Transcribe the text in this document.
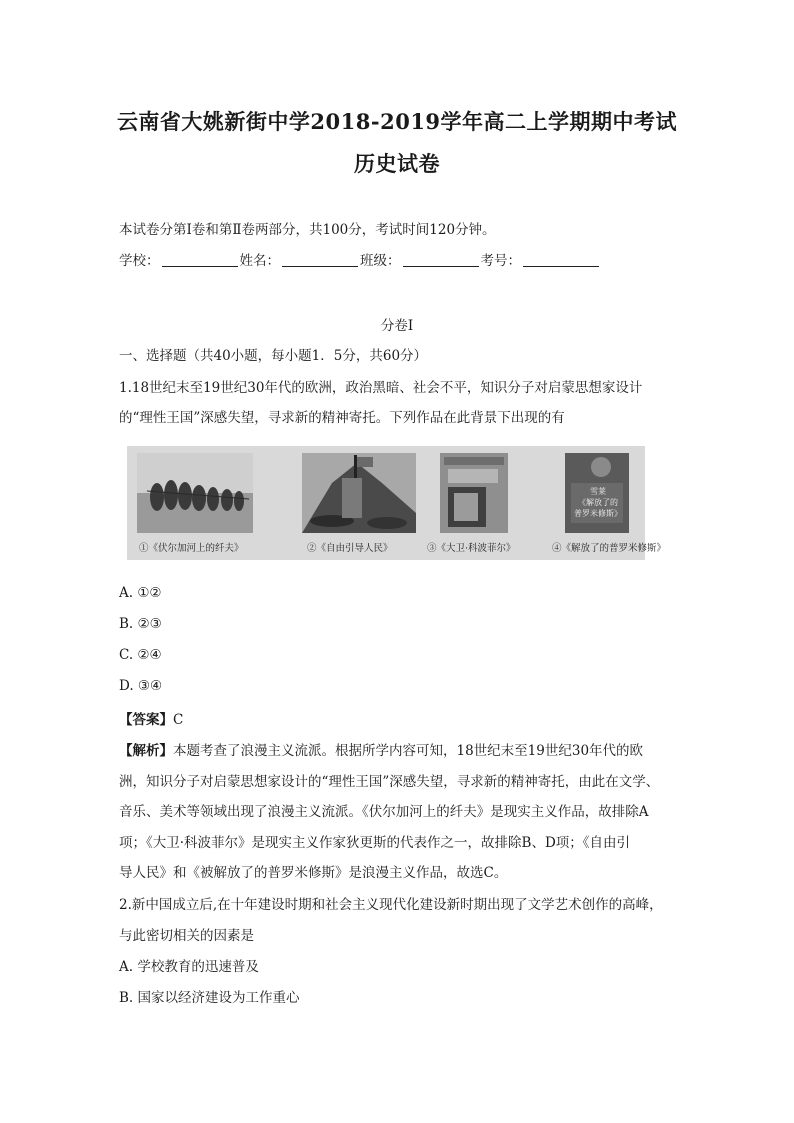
云南省大姚新街中学2018-2019学年高二上学期期中考试
历史试卷
本试卷分第Ⅰ卷和第Ⅱ卷两部分，共100分，考试时间120分钟。
学校：	姓名：	班级：	考号：
分卷I
一、选择题（共40小题，每小题1．5分，共60分）
1.18世纪末至19世纪30年代的欧洲，政治黑暗、社会不平，知识分子对启蒙思想家设计
的“理性王国”深感失望，寻求新的精神寄托。下列作品在此背景下出现的有
①《伏尔加河上的纤夫》	②《自由引导人民》	③《大卫·科波菲尔》
雪莱
《解放了的
普罗米修斯》
④《解放了的普罗米修斯》
A. ①②
B. ②③
C. ②④
D. ③④
【答案】C
【解析】本题考查了浪漫主义流派。根据所学内容可知，18世纪末至19世纪30年代的欧
洲，知识分子对启蒙思想家设计的“理性王国”深感失望，寻求新的精神寄托，由此在文学、
音乐、美术等领域出现了浪漫主义流派。《伏尔加河上的纤夫》是现实主义作品，故排除A
项；《大卫·科波菲尔》是现实主义作家狄更斯的代表作之一，故排除B、D项；《自由引
导人民》和《被解放了的普罗米修斯》是浪漫主义作品，故选C。
2.新中国成立后,在十年建设时期和社会主义现代化建设新时期出现了文学艺术创作的高峰，
与此密切相关的因素是
A. 学校教育的迅速普及
B. 国家以经济建设为工作重心
